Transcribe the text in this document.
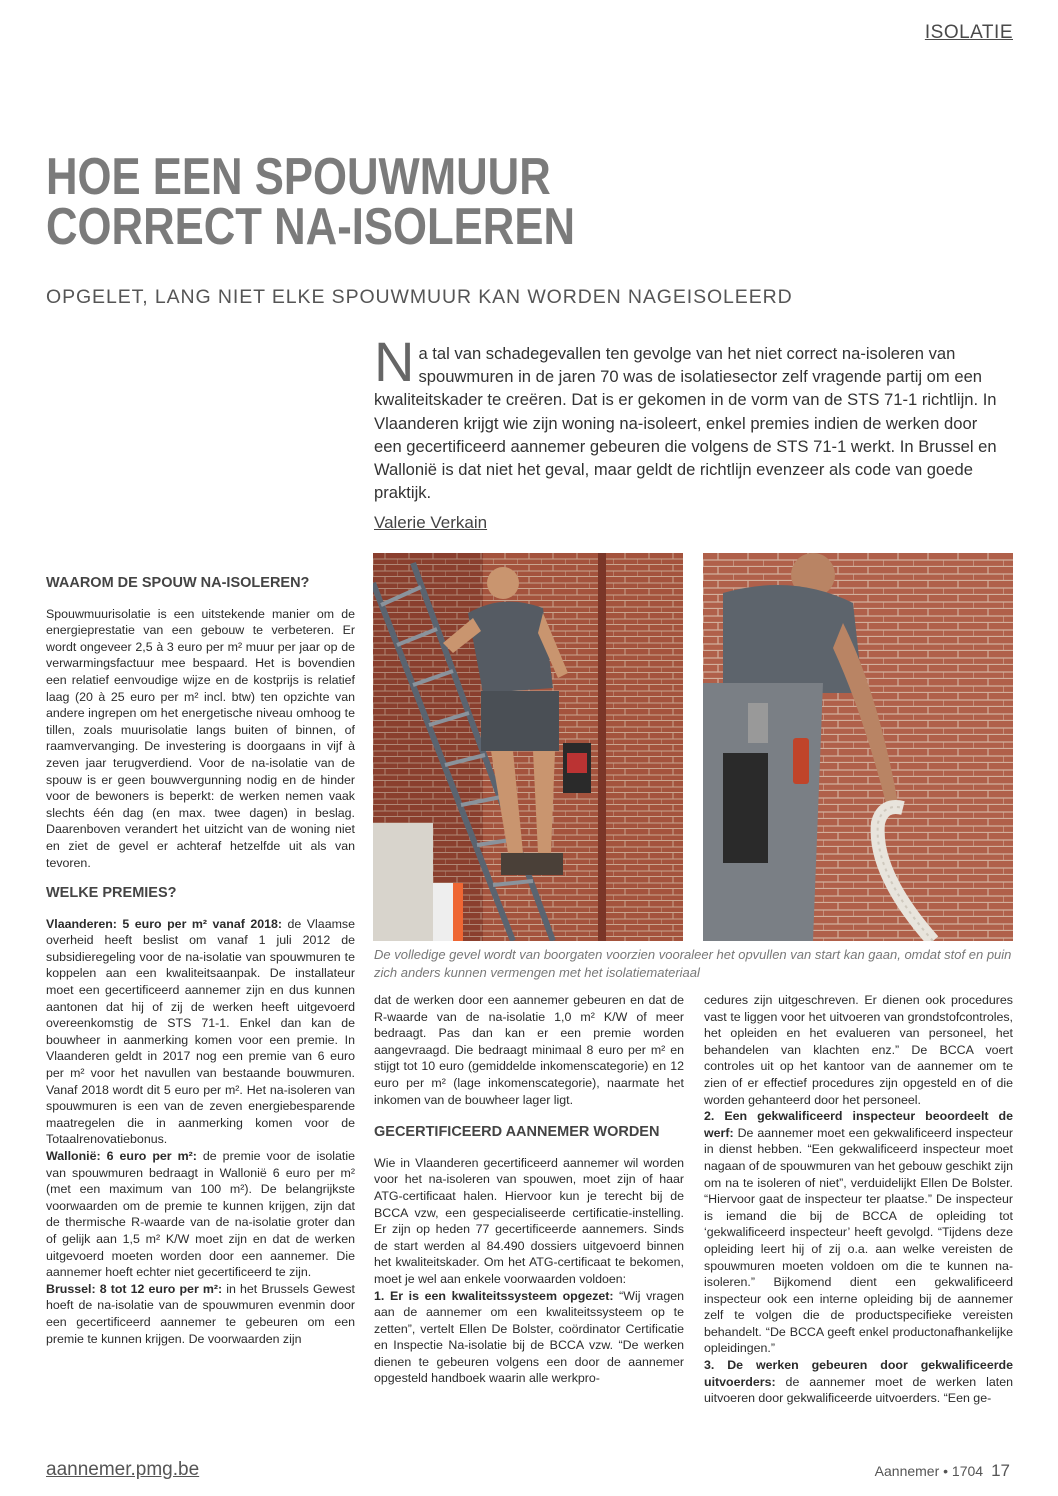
ISOLATIE
HOE EEN SPOUWMUUR
CORRECT NA-ISOLEREN
OPGELET, LANG NIET ELKE SPOUWMUUR KAN WORDEN NAGEISOLEERD
Na tal van schadegevallen ten gevolge van het niet correct na-isoleren van spouwmuren in de jaren 70 was de isolatiesector zelf vragende partij om een kwaliteitskader te creëren. Dat is er gekomen in de vorm van de STS 71-1 richtlijn. In Vlaanderen krijgt wie zijn woning na-isoleert, enkel premies indien de werken door een gecertificeerd aannemer gebeuren die volgens de STS 71-1 werkt. In Brussel en Wallonië is dat niet het geval, maar geldt de richtlijn evenzeer als code van goede praktijk.
Valerie Verkain
De volledige gevel wordt van boorgaten voorzien vooraleer het opvullen van start kan gaan, omdat stof en puin zich anders kunnen vermengen met het isolatiemateriaal
WAAROM DE SPOUW NA-ISOLEREN?

Spouwmuurisolatie is een uitstekende manier om de energieprestatie van een gebouw te verbeteren. Er wordt ongeveer 2,5 à 3 euro per m² muur per jaar op de verwarmingsfactuur mee bespaard. Het is bovendien een relatief eenvoudige wijze en de kostprijs is relatief laag (20 à 25 euro per m² incl. btw) ten opzichte van andere ingrepen om het energetische niveau omhoog te tillen, zoals muurisolatie langs buiten of binnen, of raamvervanging. De investering is doorgaans in vijf à zeven jaar terugverdiend. Voor de na-isolatie van de spouw is er geen bouwvergunning nodig en de hinder voor de bewoners is beperkt: de werken nemen vaak slechts één dag (en max. twee dagen) in beslag. Daarenboven verandert het uitzicht van de woning niet en ziet de gevel er achteraf hetzelfde uit als van tevoren.

WELKE PREMIES?

Vlaanderen: 5 euro per m² vanaf 2018: de Vlaamse overheid heeft beslist om vanaf 1 juli 2012 de subsidieregeling voor de na-isolatie van spouwmuren te koppelen aan een kwaliteitsaanpak. De installateur moet een gecertificeerd aannemer zijn en dus kunnen aantonen dat hij of zij de werken heeft uitgevoerd overeenkomstig de STS 71-1. Enkel dan kan de bouwheer in aanmerking komen voor een premie. In Vlaanderen geldt in 2017 nog een premie van 6 euro per m² voor het navullen van bestaande bouwmuren. Vanaf 2018 wordt dit 5 euro per m². Het na-isoleren van spouwmuren is een van de zeven energiebesparende maatregelen die in aanmerking komen voor de Totaalrenovatiebonus.

Wallonië: 6 euro per m²: de premie voor de isolatie van spouwmuren bedraagt in Wallonië 6 euro per m² (met een maximum van 100 m²). De belangrijkste voorwaarden om de premie te kunnen krijgen, zijn dat de thermische R-waarde van de na-isolatie groter dan of gelijk aan 1,5 m² K/W moet zijn en dat de werken uitgevoerd moeten worden door een aannemer. Die aannemer hoeft echter niet gecertificeerd te zijn.

Brussel: 8 tot 12 euro per m²: in het Brussels Gewest hoeft de na-isolatie van de spouwmuren evenmin door een gecertificeerd aannemer te gebeuren om een premie te kunnen krijgen. De voorwaarden zijn

dat de werken door een aannemer gebeuren en dat de R-waarde van de na-isolatie 1,0 m² K/W of meer bedraagt. Pas dan kan er een premie worden aangevraagd. Die bedraagt minimaal 8 euro per m² en stijgt tot 10 euro (gemiddelde inkomenscategorie) en 12 euro per m² (lage inkomenscategorie), naarmate het inkomen van de bouwheer lager ligt.

GECERTIFICEERD AANNEMER WORDEN

Wie in Vlaanderen gecertificeerd aannemer wil worden voor het na-isoleren van spouwen, moet zijn of haar ATG-certificaat halen. Hiervoor kun je terecht bij de BCCA vzw, een gespecialiseerde certificatie-instelling. Er zijn op heden 77 gecertificeerde aannemers. Sinds de start werden al 84.490 dossiers uitgevoerd binnen het kwaliteitskader. Om het ATG-certificaat te bekomen, moet je wel aan enkele voorwaarden voldoen:

1. Er is een kwaliteitssysteem opgezet: “Wij vragen aan de aannemer om een kwaliteitssysteem op te zetten”, vertelt Ellen De Bolster, coördinator Certificatie en Inspectie Na-isolatie bij de BCCA vzw. “De werken dienen te gebeuren volgens een door de aannemer opgesteld handboek waarin alle werkpro-

cedures zijn uitgeschreven. Er dienen ook procedures vast te liggen voor het uitvoeren van grondstofcontroles, het opleiden en het evalueren van personeel, het behandelen van klachten enz.” De BCCA voert controles uit op het kantoor van de aannemer om te zien of er effectief procedures zijn opgesteld en of die worden gehanteerd door het personeel.

2. Een gekwalificeerd inspecteur beoordeelt de werf: De aannemer moet een gekwalificeerd inspecteur in dienst hebben. “Een gekwalificeerd inspecteur moet nagaan of de spouwmuren van het gebouw geschikt zijn om na te isoleren of niet”, verduidelijkt Ellen De Bolster. “Hiervoor gaat de inspecteur ter plaatse.” De inspecteur is iemand die bij de BCCA de opleiding tot ‘gekwalificeerd inspecteur’ heeft gevolgd. “Tijdens deze opleiding leert hij of zij o.a. aan welke vereisten de spouwmuren moeten voldoen om die te kunnen na-isoleren.” Bijkomend dient een gekwalificeerd inspecteur ook een interne opleiding bij de aannemer zelf te volgen die de productspecifieke vereisten behandelt. “De BCCA geeft enkel productonafhankelijke opleidingen.”

3. De werken gebeuren door gekwalificeerde uitvoerders: de aannemer moet de werken laten uitvoeren door gekwalificeerde uitvoerders. “Een ge-

aannemer.pmg.be	Aannemer • 1704 17
